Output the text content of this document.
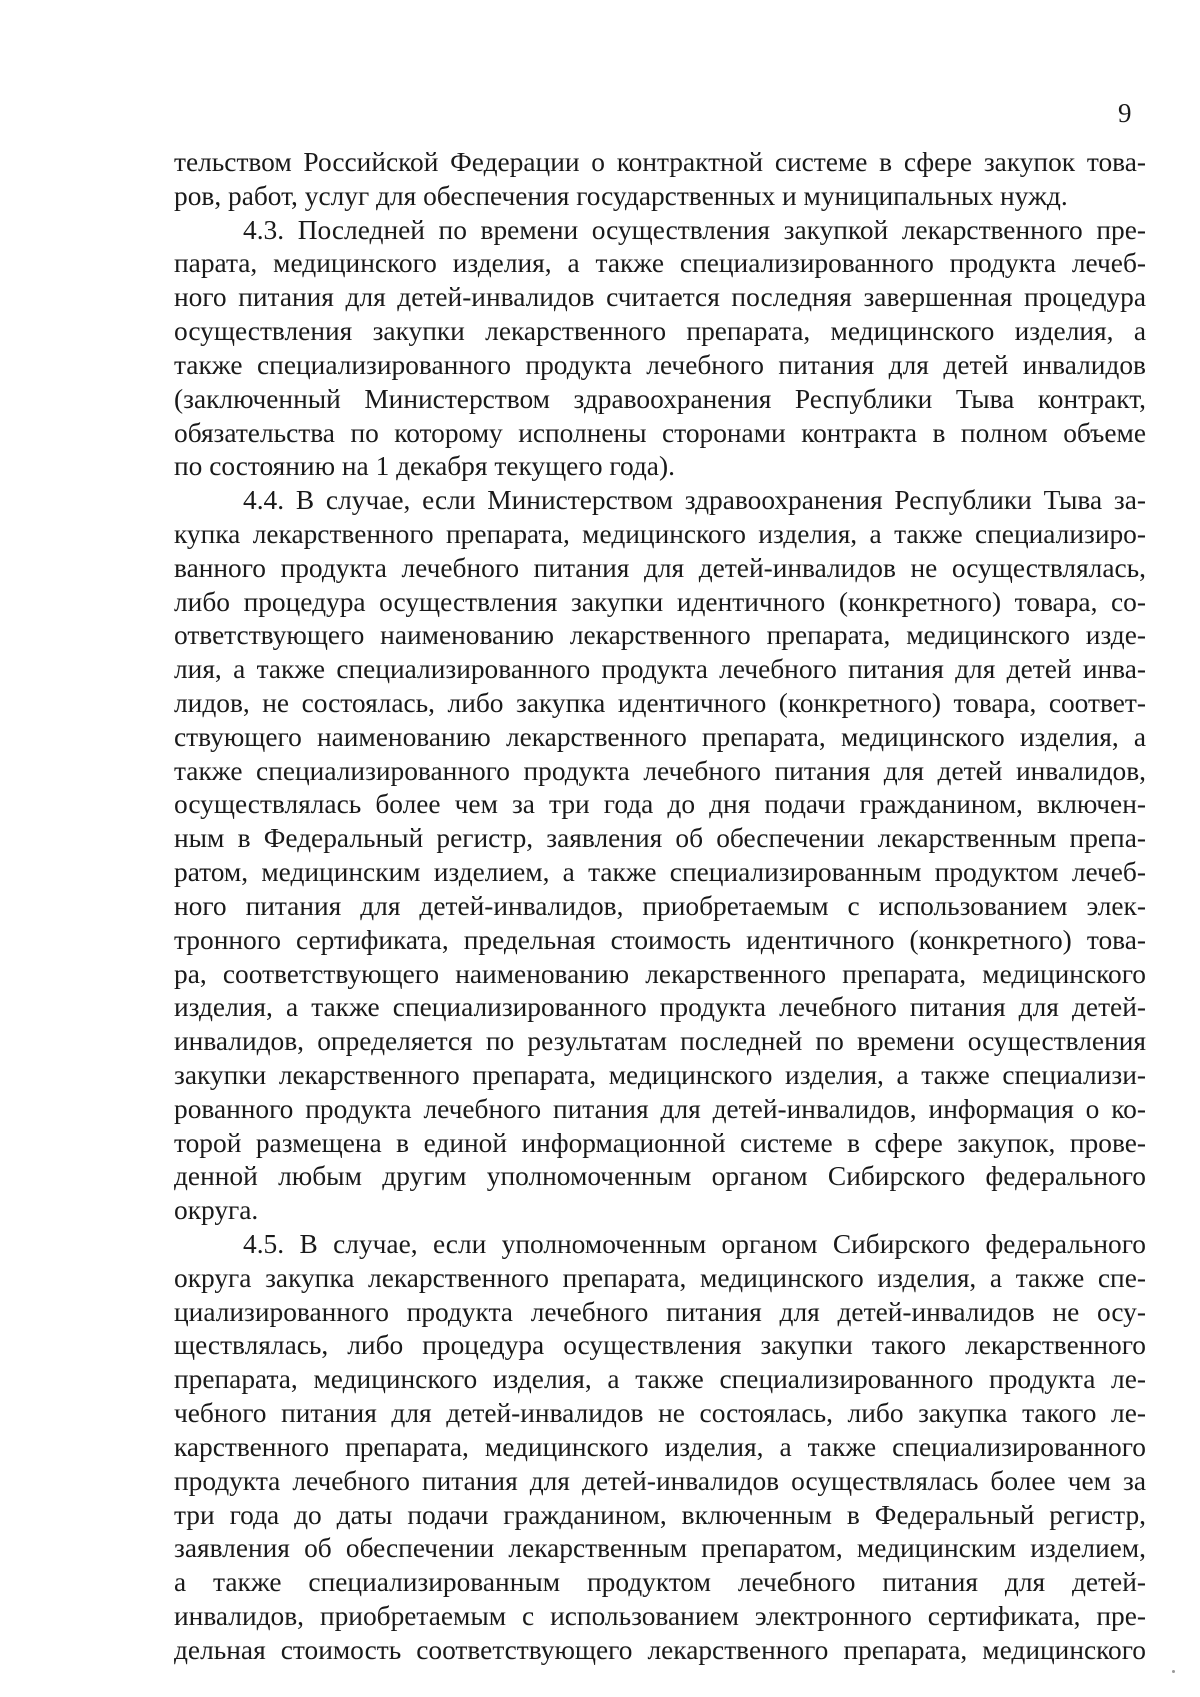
9
тельством Российской Федерации о контрактной системе в сфере закупок това-
ров, работ, услуг для обеспечения государственных и муниципальных нужд.
4.3. Последней по времени осуществления закупкой лекарственного пре-
парата, медицинского изделия, а также специализированного продукта лечеб-
ного питания для детей-инвалидов считается последняя завершенная процедура
осуществления закупки лекарственного препарата, медицинского изделия, а
также специализированного продукта лечебного питания для детей инвалидов
(заключенный Министерством здравоохранения Республики Тыва контракт,
обязательства по которому исполнены сторонами контракта в полном объеме
по состоянию на 1 декабря текущего года).
4.4. В случае, если Министерством здравоохранения Республики Тыва за-
купка лекарственного препарата, медицинского изделия, а также специализиро-
ванного продукта лечебного питания для детей-инвалидов не осуществлялась,
либо процедура осуществления закупки идентичного (конкретного) товара, со-
ответствующего наименованию лекарственного препарата, медицинского изде-
лия, а также специализированного продукта лечебного питания для детей инва-
лидов, не состоялась, либо закупка идентичного (конкретного) товара, соответ-
ствующего наименованию лекарственного препарата, медицинского изделия, а
также специализированного продукта лечебного питания для детей инвалидов,
осуществлялась более чем за три года до дня подачи гражданином, включен-
ным в Федеральный регистр, заявления об обеспечении лекарственным препа-
ратом, медицинским изделием, а также специализированным продуктом лечеб-
ного питания для детей-инвалидов, приобретаемым с использованием элек-
тронного сертификата, предельная стоимость идентичного (конкретного) това-
ра, соответствующего наименованию лекарственного препарата, медицинского
изделия, а также специализированного продукта лечебного питания для детей-
инвалидов, определяется по результатам последней по времени осуществления
закупки лекарственного препарата, медицинского изделия, а также специализи-
рованного продукта лечебного питания для детей-инвалидов, информация о ко-
торой размещена в единой информационной системе в сфере закупок, прове-
денной любым другим уполномоченным органом Сибирского федерального
округа.
4.5. В случае, если уполномоченным органом Сибирского федерального
округа закупка лекарственного препарата, медицинского изделия, а также спе-
циализированного продукта лечебного питания для детей-инвалидов не осу-
ществлялась, либо процедура осуществления закупки такого лекарственного
препарата, медицинского изделия, а также специализированного продукта ле-
чебного питания для детей-инвалидов не состоялась, либо закупка такого ле-
карственного препарата, медицинского изделия, а также специализированного
продукта лечебного питания для детей-инвалидов осуществлялась более чем за
три года до даты подачи гражданином, включенным в Федеральный регистр,
заявления об обеспечении лекарственным препаратом, медицинским изделием,
а также специализированным продуктом лечебного питания для детей-
инвалидов, приобретаемым с использованием электронного сертификата, пре-
дельная стоимость соответствующего лекарственного препарата, медицинского
